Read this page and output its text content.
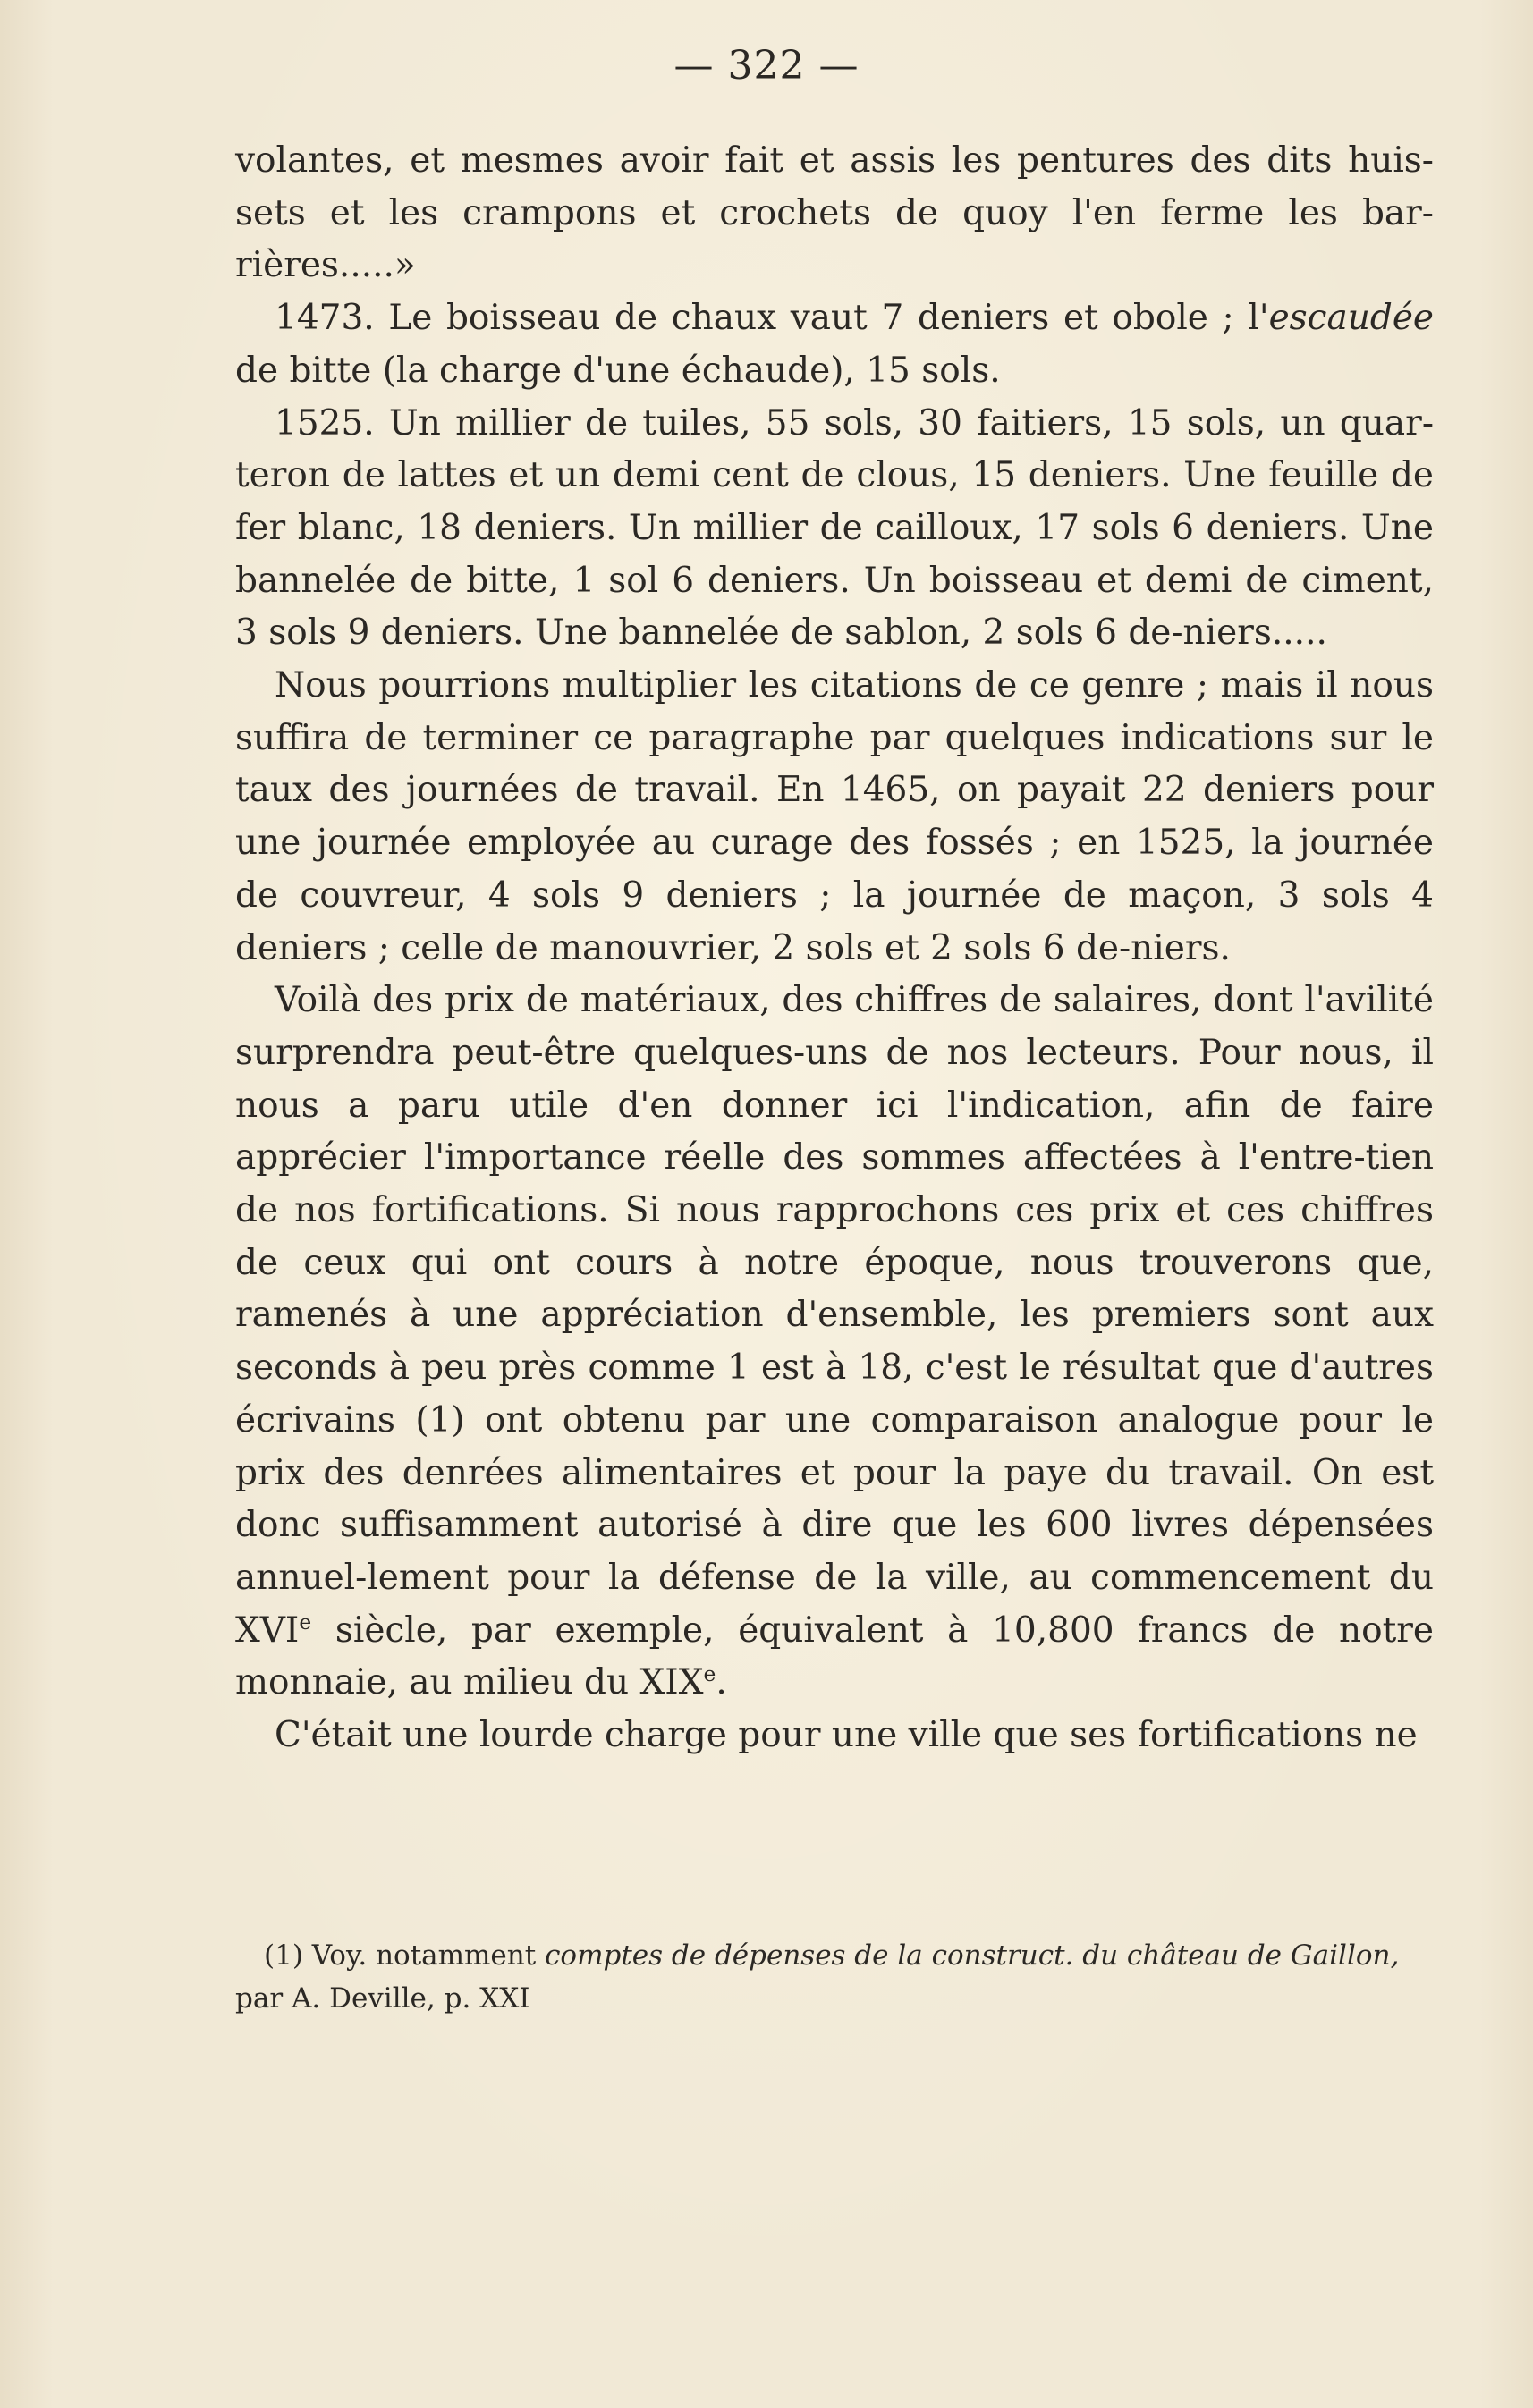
— 322 —

volantes, et mesmes avoir fait et assis les pentures des dits huis-sets et les crampons et crochets de quoy l'en ferme les bar-rières.....»

1473. Le boisseau de chaux vaut 7 deniers et obole ; l'escaudée de bitte (la charge d'une échaude), 15 sols.

1525. Un millier de tuiles, 55 sols, 30 faitiers, 15 sols, un quar-teron de lattes et un demi cent de clous, 15 deniers. Une feuille de fer blanc, 18 deniers. Un millier de cailloux, 17 sols 6 deniers. Une bannelée de bitte, 1 sol 6 deniers. Un boisseau et demi de ciment, 3 sols 9 deniers. Une bannelée de sablon, 2 sols 6 de-niers.....

Nous pourrions multiplier les citations de ce genre ; mais il nous suffira de terminer ce paragraphe par quelques indications sur le taux des journées de travail. En 1465, on payait 22 deniers pour une journée employée au curage des fossés ; en 1525, la journée de couvreur, 4 sols 9 deniers ; la journée de maçon, 3 sols 4 deniers ; celle de manouvrier, 2 sols et 2 sols 6 de-niers.

Voilà des prix de matériaux, des chiffres de salaires, dont l'avilité surprendra peut-être quelques-uns de nos lecteurs. Pour nous, il nous a paru utile d'en donner ici l'indication, afin de faire apprécier l'importance réelle des sommes affectées à l'entre-tien de nos fortifications. Si nous rapprochons ces prix et ces chiffres de ceux qui ont cours à notre époque, nous trouverons que, ramenés à une appréciation d'ensemble, les premiers sont aux seconds à peu près comme 1 est à 18, c'est le résultat que d'autres écrivains (1) ont obtenu par une comparaison analogue pour le prix des denrées alimentaires et pour la paye du travail. On est donc suffisamment autorisé à dire que les 600 livres dépensées annuel-lement pour la défense de la ville, au commencement du XVIe siècle, par exemple, équivalent à 10,800 francs de notre monnaie, au milieu du XIXe.

C'était une lourde charge pour une ville que ses fortifications ne

(1) Voy. notamment comptes de dépenses de la construct. du château de Gaillon, par A. Deville, p. XXI
